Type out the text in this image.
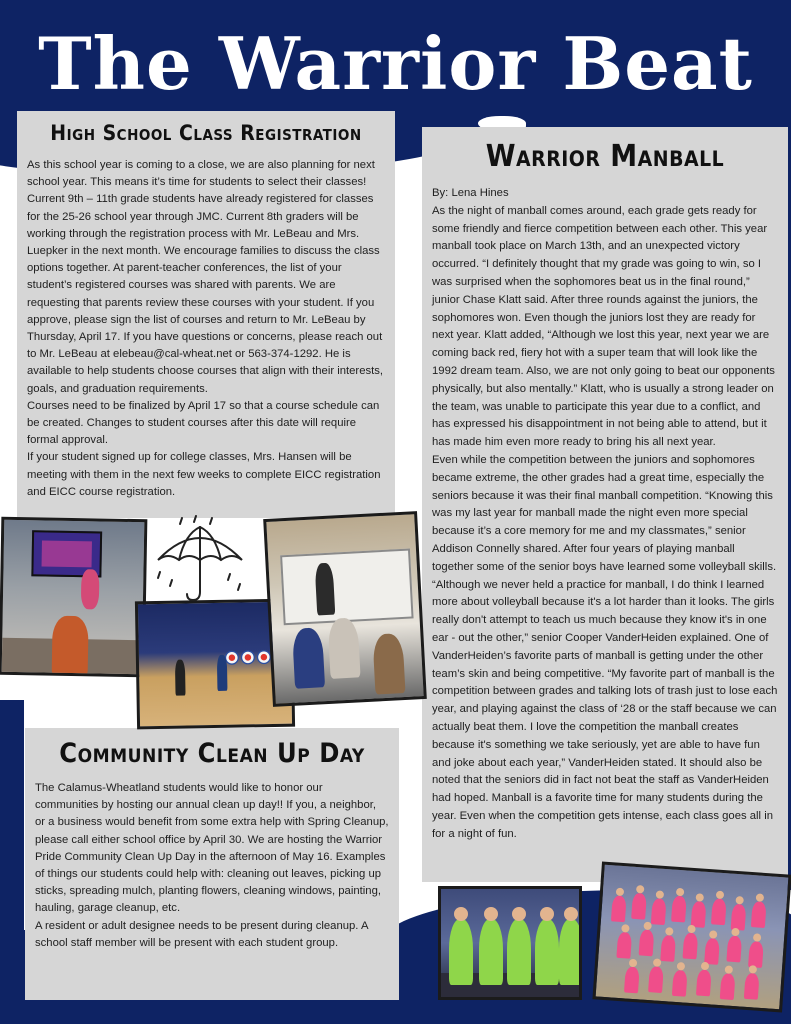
The Warrior Beat
High School Class Registration

As this school year is coming to a close, we are also planning for next school year. This means it’s time for students to select their classes! Current 9th – 11th grade students have already registered for classes for the 25-26 school year through JMC. Current 8th graders will be working through the registration process with Mr. LeBeau and Mrs. Luepker in the next month. We encourage families to discuss the class options together. At parent-teacher conferences, the list of your student’s registered courses was shared with parents. We are requesting that parents review these courses with your student. If you approve, please sign the list of courses and return to Mr. LeBeau by Thursday, April 17. If you have questions or concerns, please reach out to Mr. LeBeau at elebeau@cal-wheat.net or 563-374-1292. He is available to help students choose courses that align with their interests, goals, and graduation requirements.

Courses need to be finalized by April 17 so that a course schedule can be created. Changes to student courses after this date will require formal approval.

If your student signed up for college classes, Mrs. Hansen will be meeting with them in the next few weeks to complete EICC registration and EICC course registration.

Warrior Manball

By: Lena Hines

As the night of manball comes around, each grade gets ready for some friendly and fierce competition between each other. This year manball took place on March 13th, and an unexpected victory occurred. “I definitely thought that my grade was going to win, so I was surprised when the sophomores beat us in the final round,” junior Chase Klatt said. After three rounds against the juniors, the sophomores won. Even though the juniors lost they are ready for next year. Klatt added, “Although we lost this year, next year we are coming back red, fiery hot with a super team that will look like the 1992 dream team. Also, we are not only going to beat our opponents physically, but also mentally.” Klatt, who is usually a strong leader on the team, was unable to participate this year due to a conflict, and has expressed his disappointment in not being able to attend, but it has made him even more ready to bring his all next year.

Even while the competition between the juniors and sophomores became extreme, the other grades had a great time, especially the seniors because it was their final manball competition. “Knowing this was my last year for manball made the night even more special because it’s a core memory for me and my classmates,” senior Addison Connelly shared. After four years of playing manball together some of the senior boys have learned some volleyball skills. “Although we never held a practice for manball, I do think I learned more about volleyball because it's a lot harder than it looks. The girls really don't attempt to teach us much because they know it's in one ear - out the other,” senior Cooper VanderHeiden explained. One of VanderHeiden’s favorite parts of manball is getting under the other team’s skin and being competitive. “My favorite part of manball is the competition between grades and talking lots of trash just to lose each year, and playing against the class of ‘28 or the staff because we can actually beat them. I love the competition the manball creates because it's something we take seriously, yet are able to have fun and joke about each year,” VanderHeiden stated. It should also be noted that the seniors did in fact not beat the staff as VanderHeiden had hoped. Manball is a favorite time for many students during the year. Even when the competition gets intense, each class goes all in for a night of fun.

Community Clean Up Day

The Calamus-Wheatland students would like to honor our communities by hosting our annual clean up day!! If you, a neighbor, or a business would benefit from some extra help with Spring Cleanup, please call either school office by April 30. We are hosting the Warrior Pride Community Clean Up Day in the afternoon of May 16. Examples of things our students could help with: cleaning out leaves, picking up sticks, spreading mulch, planting flowers, cleaning windows, painting, hauling, garage cleanup, etc.

A resident or adult designee needs to be present during cleanup. A school staff member will be present with each student group.
